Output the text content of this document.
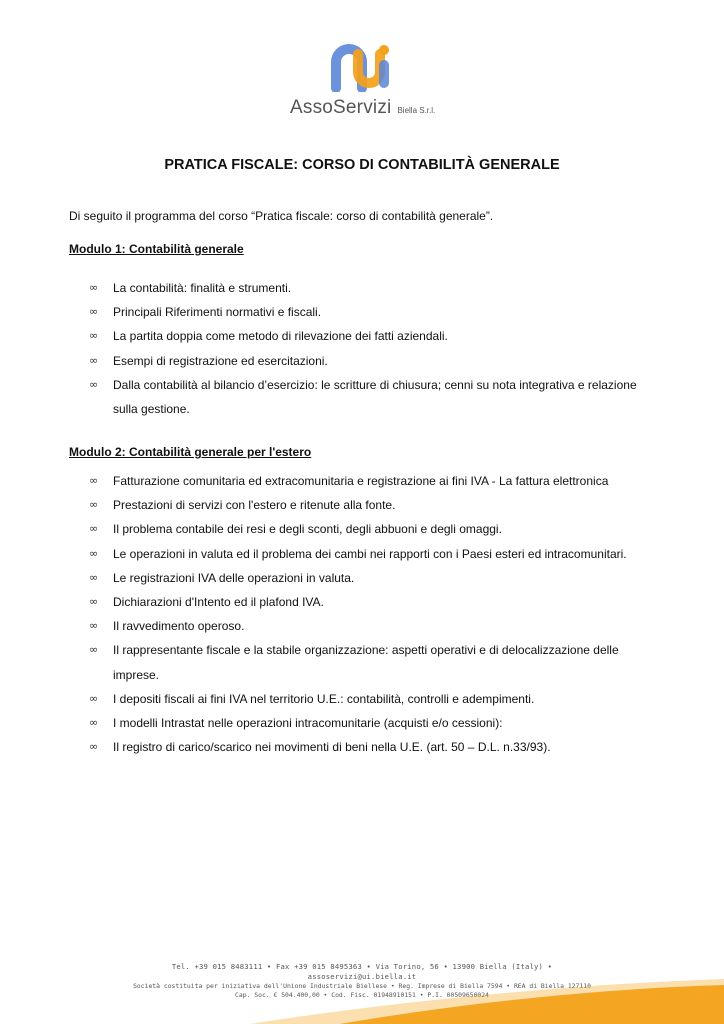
AssoServizi Biella S.r.l.
PRATICA FISCALE: CORSO DI CONTABILITÀ GENERALE
Di seguito il programma del corso “Pratica fiscale: corso di contabilità generale”.
Modulo 1: Contabilità generale
∞ La contabilità: finalità e strumenti.
∞ Principali Riferimenti normativi e fiscali.
∞ La partita doppia come metodo di rilevazione dei fatti aziendali.
∞ Esempi di registrazione ed esercitazioni.
∞ Dalla contabilità al bilancio d’esercizio: le scritture di chiusura; cenni su nota integrativa e relazione sulla gestione.
Modulo 2: Contabilità generale per l'estero
∞ Fatturazione comunitaria ed extracomunitaria e registrazione ai fini IVA - La fattura elettronica
∞ Prestazioni di servizi con l'estero e ritenute alla fonte.
∞ Il problema contabile dei resi e degli sconti, degli abbuoni e degli omaggi.
∞ Le operazioni in valuta ed il problema dei cambi nei rapporti con i Paesi esteri ed intracomunitari.
∞ Le registrazioni IVA delle operazioni in valuta.
∞ Dichiarazioni d'Intento ed il plafond IVA.
∞ Il ravvedimento operoso.
∞ Il rappresentante fiscale e la stabile organizzazione: aspetti operativi e di delocalizzazione delle imprese.
∞ I depositi fiscali ai fini IVA nel territorio U.E.: contabilità, controlli e adempimenti.
∞ I modelli Intrastat nelle operazioni intracomunitarie (acquisti e/o cessioni):
∞ Il registro di carico/scarico nei movimenti di beni nella U.E. (art. 50 – D.L. n.33/93).
Tel. +39 015 8483111 • Fax +39 015 8495363 • Via Torino, 56 • 13900 Biella (Italy) • assoservizi@ui.biella.it
Società costituita per iniziativa dell'Unione Industriale Biellese • Reg. Imprese di Biella 7594 • REA di Biella 127110
Cap. Soc. € 504.400,00 • Cod. Fisc. 01948910151 • P.I. 00509650024
